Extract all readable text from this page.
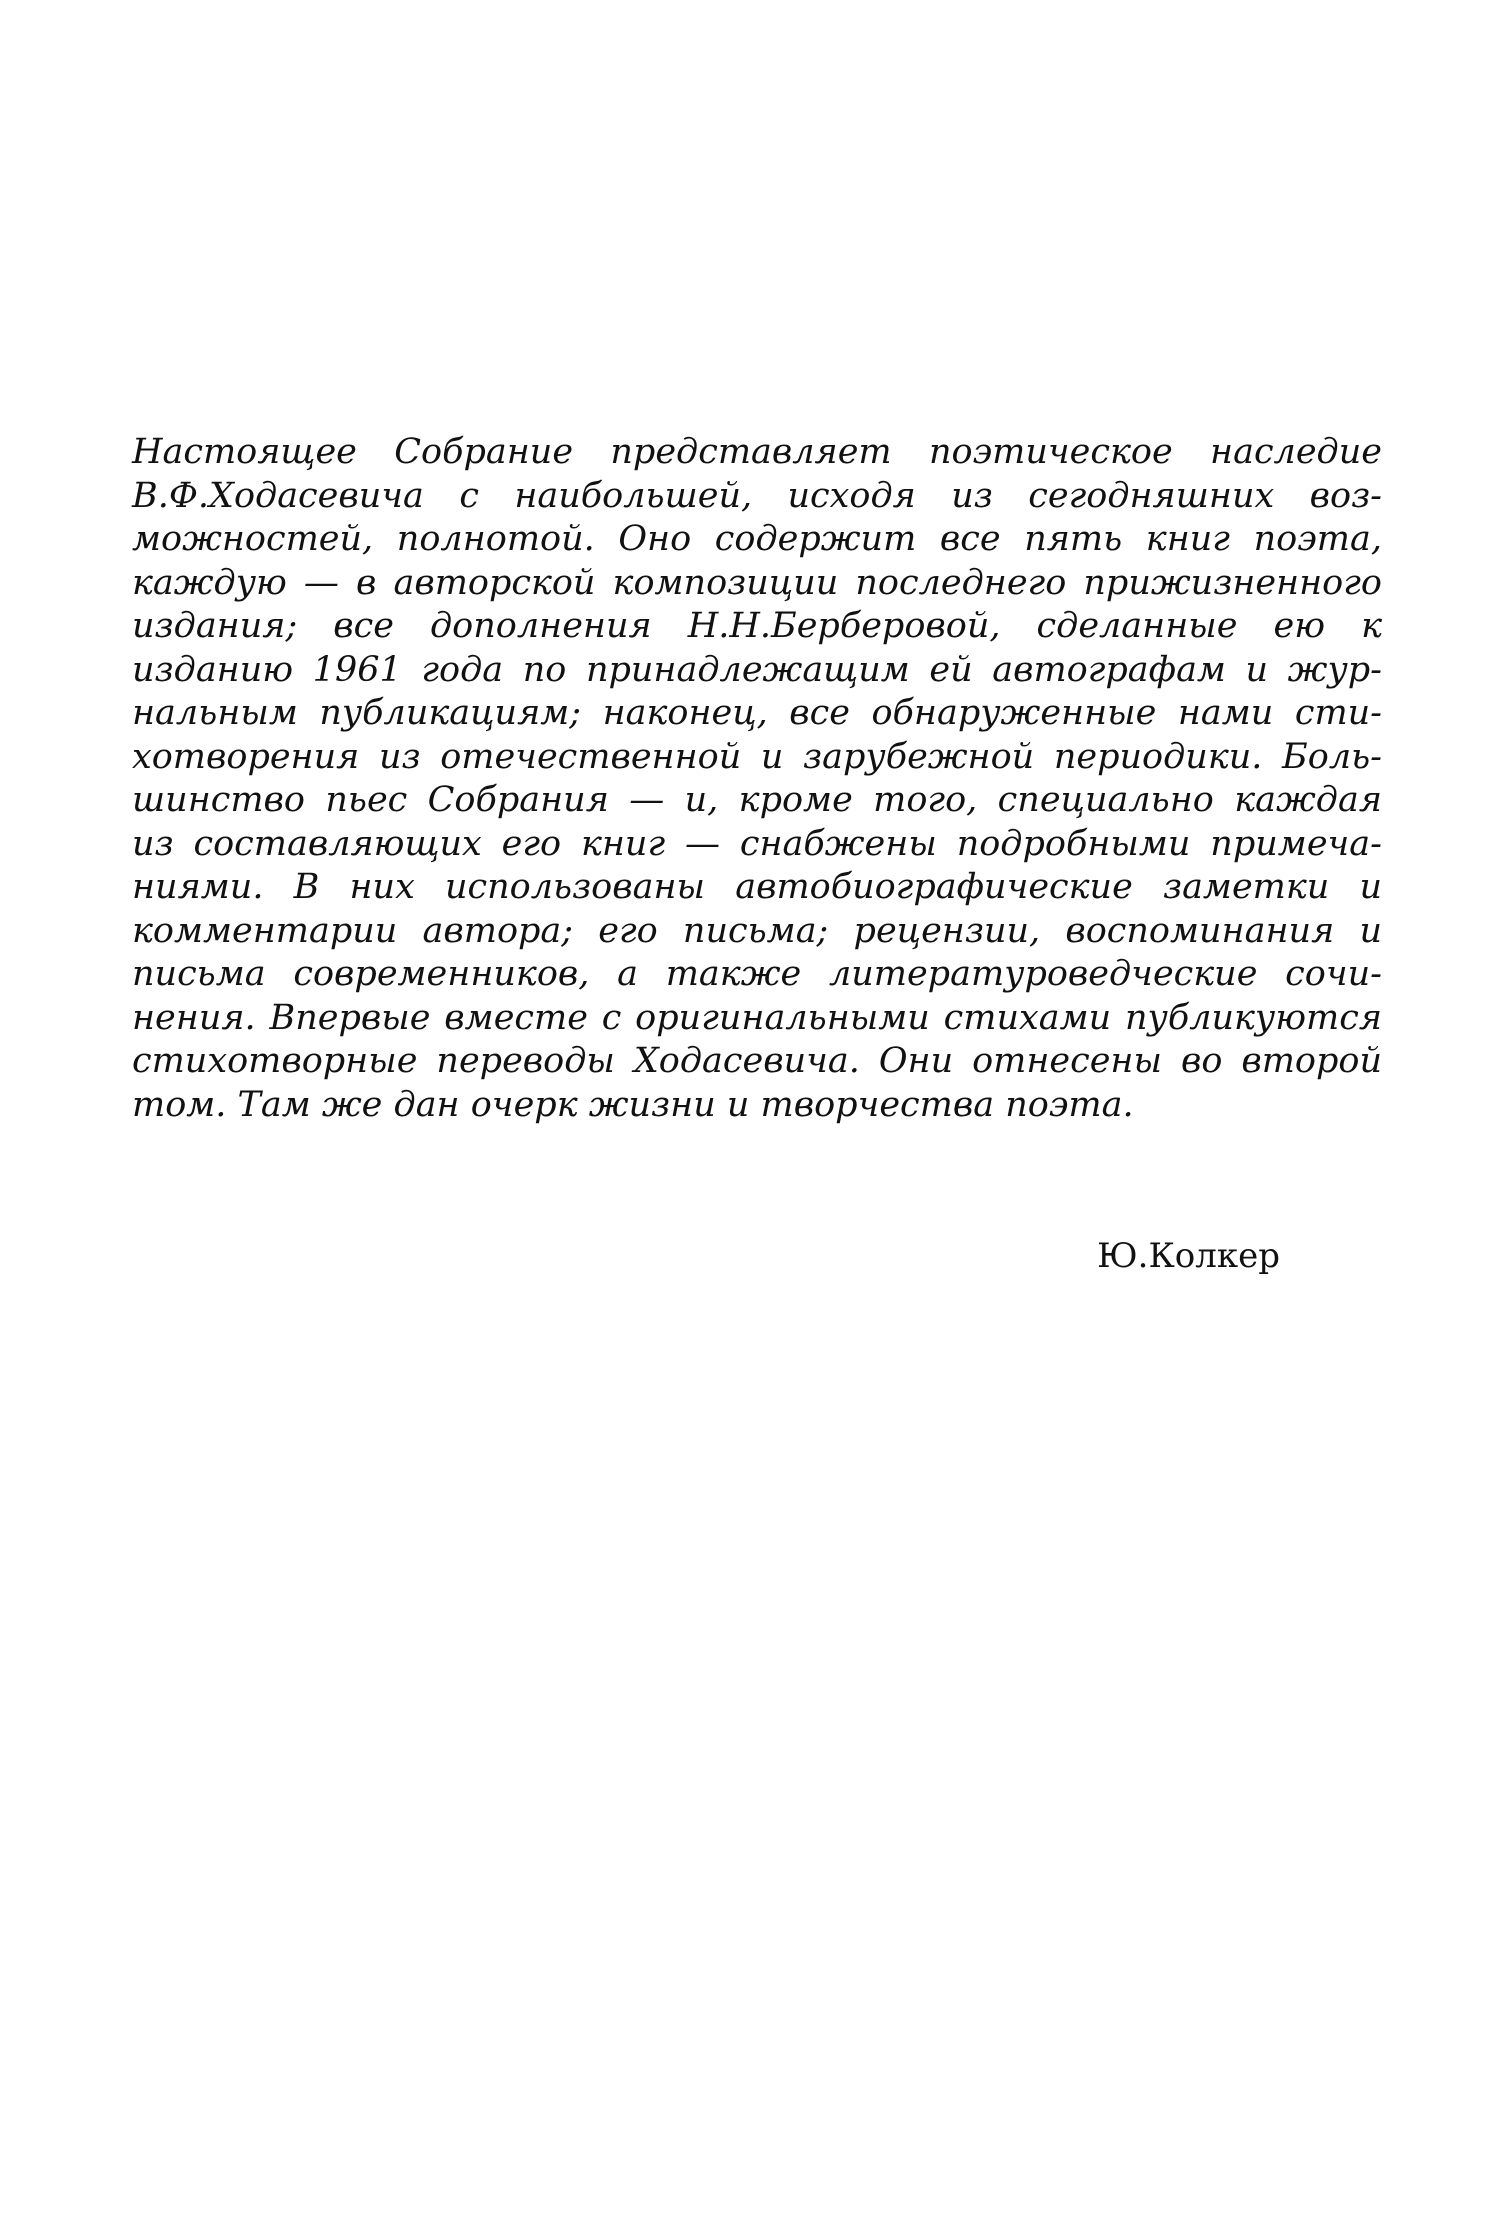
Настоящее Собрание представляет поэтическое наследие
В.Ф.Ходасевича с наибольшей, исходя из сегодняшних воз-
можностей, полнотой. Оно содержит все пять книг поэта,
каждую — в авторской композиции последнего прижизненного
издания; все дополнения Н.Н.Берберовой, сделанные ею к
изданию 1961 года по принадлежащим ей автографам и жур-
нальным публикациям; наконец, все обнаруженные нами сти-
хотворения из отечественной и зарубежной периодики. Боль-
шинство пьес Собрания — и, кроме того, специально каждая
из составляющих его книг — снабжены подробными примеча-
ниями. В них использованы автобиографические заметки и
комментарии автора; его письма; рецензии, воспоминания и
письма современников, а также литературоведческие сочи-
нения. Впервые вместе с оригинальными стихами публикуются
стихотворные переводы Ходасевича. Они отнесены во второй
том. Там же дан очерк жизни и творчества поэта.
Ю.Колкер
